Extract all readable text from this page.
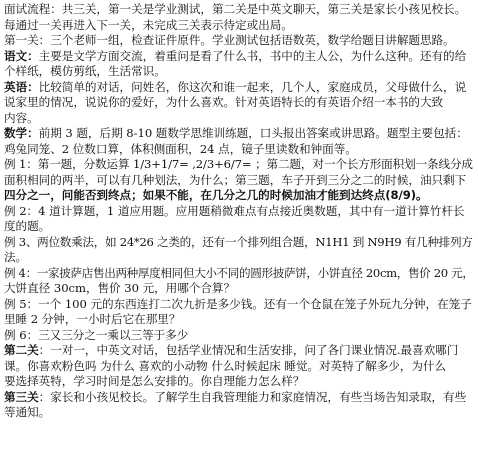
面试流程：共三关，第一关是学业测试，第二关是中英文聊天，第三关是家长小孩见校长。
每通过一关再进入下一关，未完成三关表示待定或出局。
第一关：三个老师一组，检查证件原件。学业测试包括语数英，数学给题目讲解题思路。
语文：主要是文学方面交流，着重问是看了什么书，书中的主人公，为什么这种。还有的给
个样纸，模仿剪纸，生活常识。
英语：比较简单的对话，问姓名，你这次和谁一起来，几个人，家庭成员，父母做什么，说
说家里的情况，说说你的爱好，为什么喜欢。针对英语特长的有英语介绍一本书的大致
内容。
数学：前期 3 题，后期 8-10 题数学思维训练题，口头报出答案或讲思路。题型主要包括：
鸡兔同笼、2 位数口算，体积侧面积，24 点，镜子里读数和钟面等。
例 1：第一题，分数运算 1/3+1/7= ,2/3+6/7= ；第二题，对一个长方形面积划一条线分成
面积相同的两半，可以有几种划法，为什么；第三题，车子开到三分之二的时候，油只剩下
四分之一，问能否到终点；如果不能，在几分之几的时候加油才能到达终点(8/9)。
例 2：4 道计算题，1 道应用题。应用题稍微难点有点接近奥数题，其中有一道计算竹杆长
度的题。
例 3、两位数乘法，如 24*26 之类的，还有一个排列组合题，N1H1 到 N9H9 有几种排列方
法。
例 4：一家披萨店售出两种厚度相同但大小不同的圆形披萨饼，小饼直径 20cm，售价 20 元，
大饼直径 30cm，售价 30 元，用哪个合算？
例 5：一个 100 元的东西连打二次九折是多少钱。还有一个仓鼠在笼子外玩九分钟，在笼子
里睡 2 分钟，一小时后它在那里？
例 6：三又三分之一乘以三等于多少
第二关：一对一，中英文对话，包括学业情况和生活安排，问了各门课业情况.最喜欢哪门
课。你喜欢粉色吗 为什么 喜欢的小动物 什么时候起床 睡觉。对英特了解多少，为什么
要选择英特，学习时间是怎么安排的。你自理能力怎么样？
第三关：家长和小孩见校长。了解学生自我管理能力和家庭情况，有些当场告知录取，有些
等通知。
